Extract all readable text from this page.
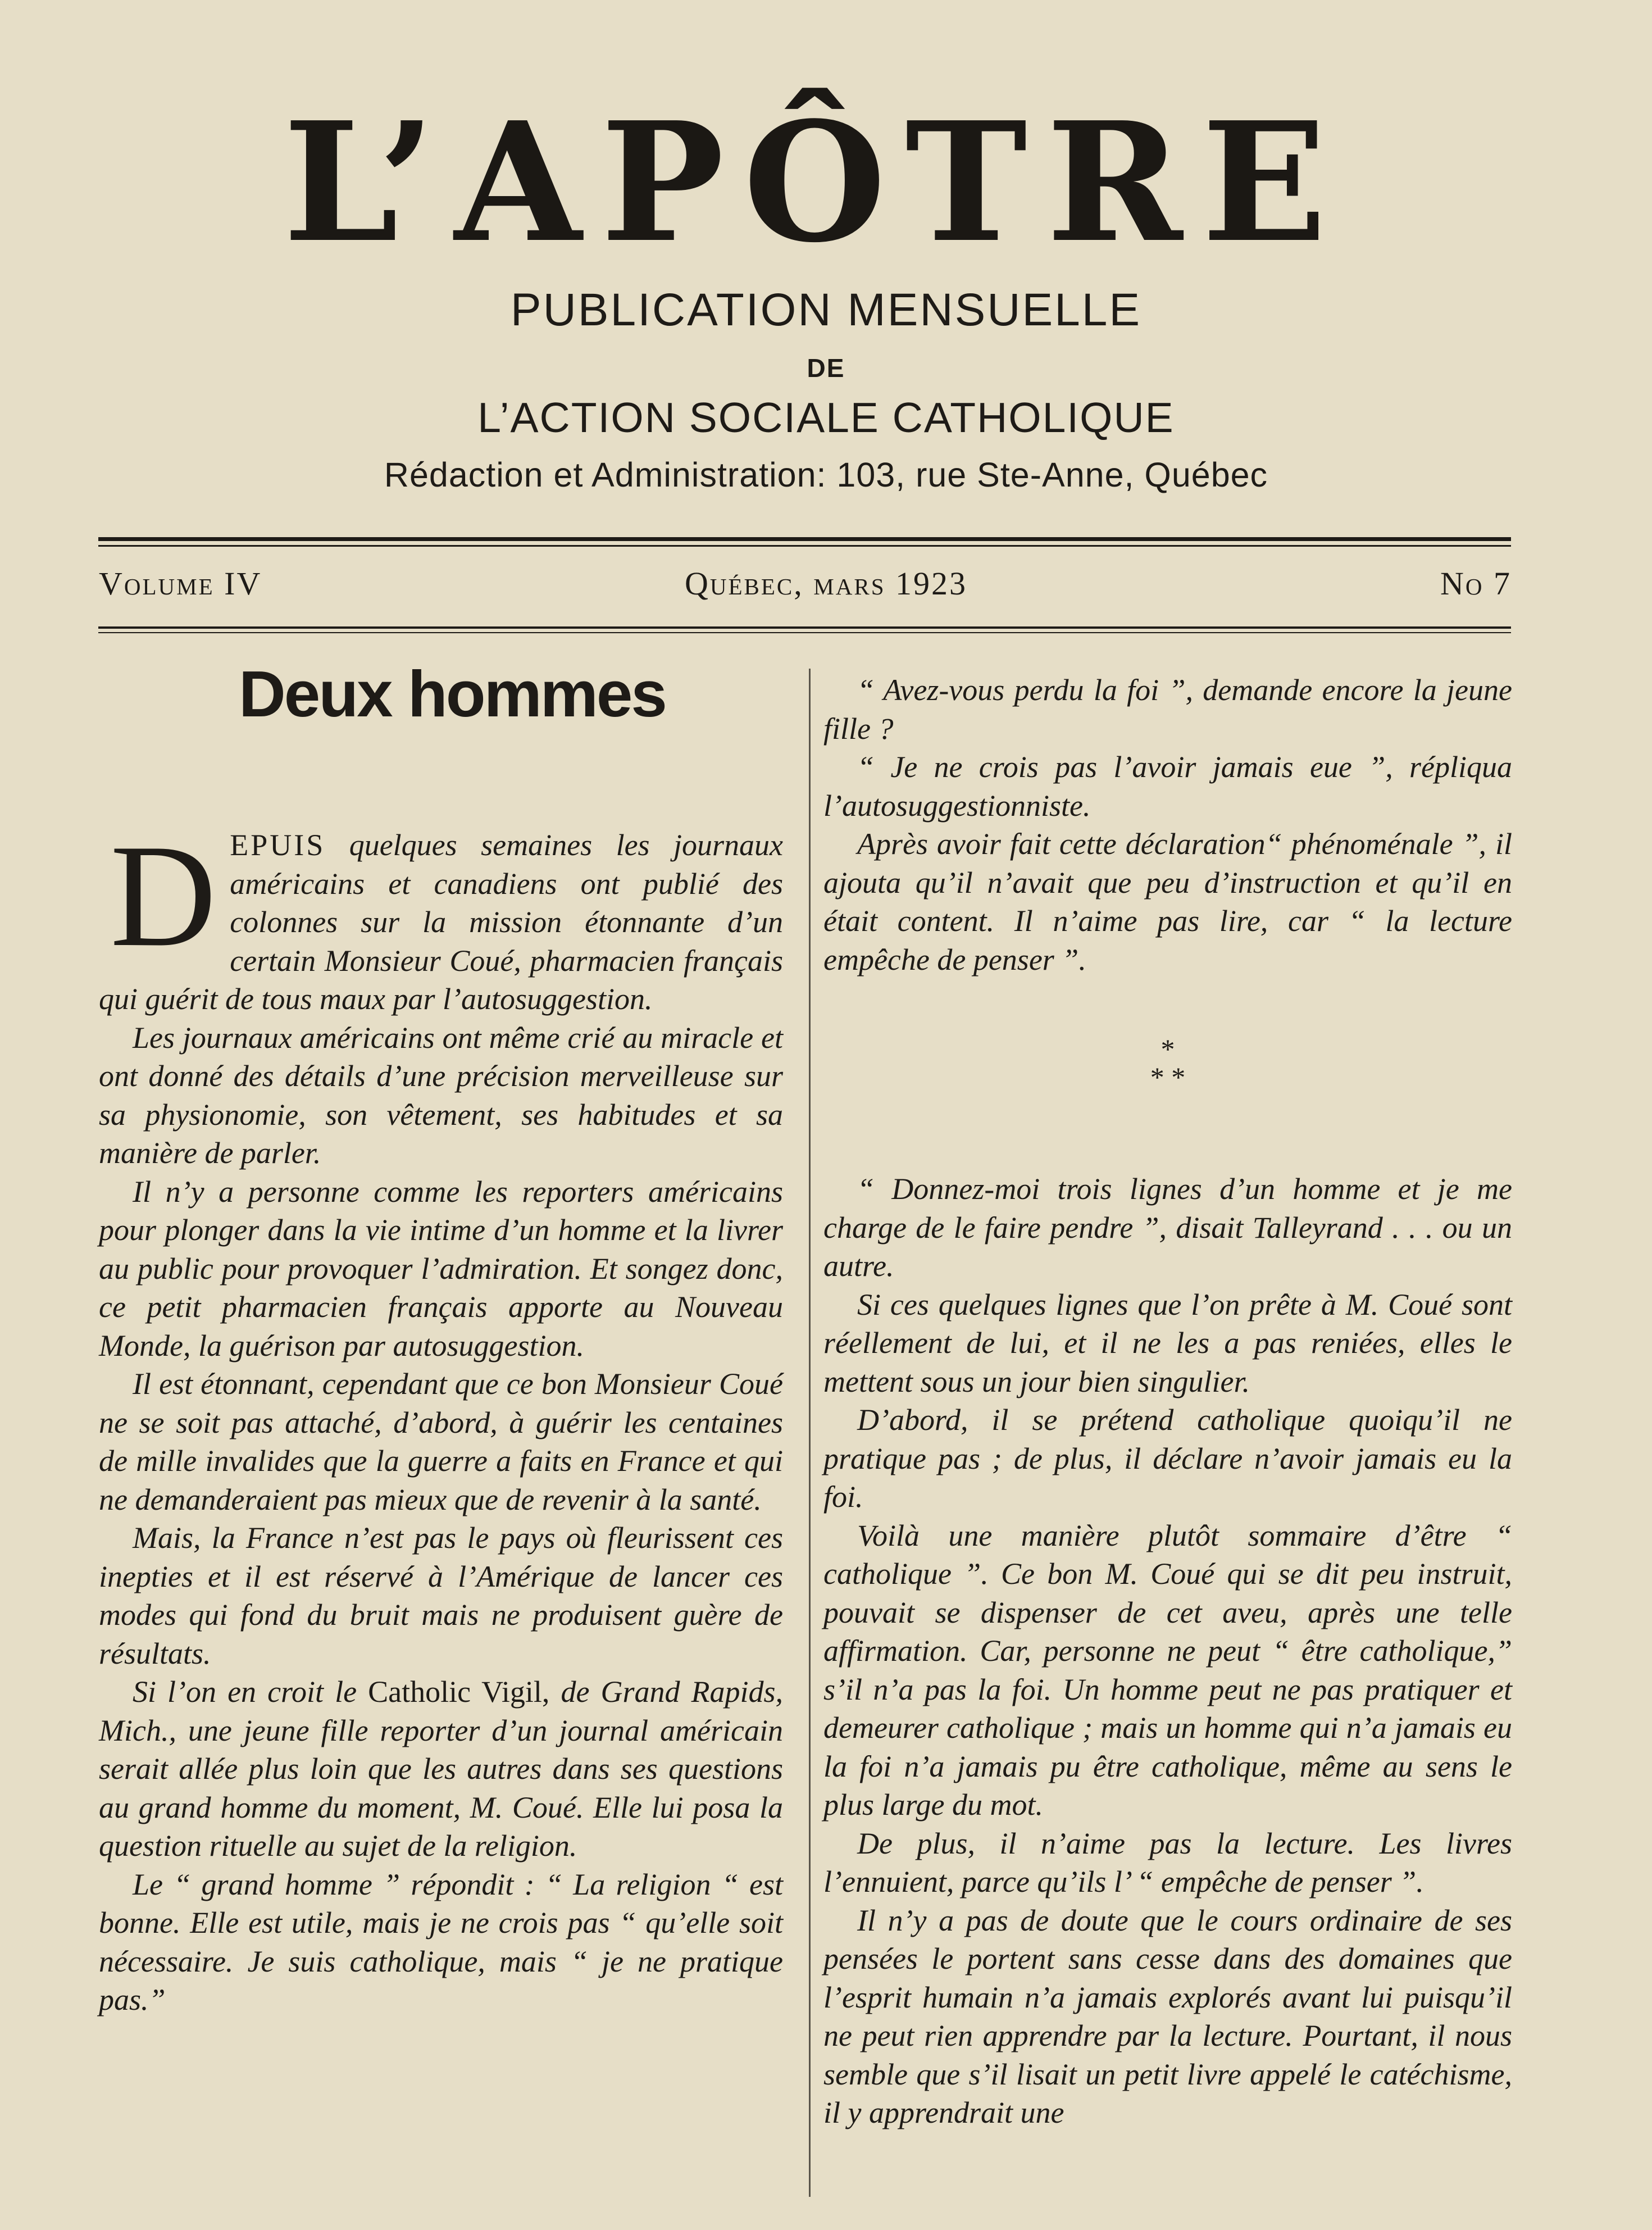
L’APÔTRE
PUBLICATION MENSUELLE
DE
L’ACTION SOCIALE CATHOLIQUE
Rédaction et Administration: 103, rue Ste-Anne, Québec
Volume IV	Québec, mars 1923	No 7
Deux hommes

DEPUIS quelques semaines les journaux américains et canadiens ont publié des colonnes sur la mission étonnante d’un certain Monsieur Coué, pharmacien français qui guérit de tous maux par l’autosuggestion.

Les journaux américains ont même crié au miracle et ont donné des détails d’une précision merveilleuse sur sa physionomie, son vêtement, ses habitudes et sa manière de parler.

Il n’y a personne comme les reporters américains pour plonger dans la vie intime d’un homme et la livrer au public pour provoquer l’admiration. Et songez donc, ce petit pharmacien français apporte au Nouveau Monde, la guérison par autosuggestion.

Il est étonnant, cependant que ce bon Monsieur Coué ne se soit pas attaché, d’abord, à guérir les centaines de mille invalides que la guerre a faits en France et qui ne demanderaient pas mieux que de revenir à la santé.

Mais, la France n’est pas le pays où fleurissent ces inepties et il est réservé à l’Amérique de lancer ces modes qui fond du bruit mais ne produisent guère de résultats.

Si l’on en croit le Catholic Vigil, de Grand Rapids, Mich., une jeune fille reporter d’un journal américain serait allée plus loin que les autres dans ses questions au grand homme du moment, M. Coué. Elle lui posa la question rituelle au sujet de la religion.

Le “ grand homme ” répondit : “ La religion “ est bonne. Elle est utile, mais je ne crois pas “ qu’elle soit nécessaire. Je suis catholique, mais “ je ne pratique pas.”

“ Avez-vous perdu la foi ”, demande encore la jeune fille ?

“ Je ne crois pas l’avoir jamais eue ”, répliqua l’autosuggestionniste.

Après avoir fait cette déclaration“ phénoménale ”, il ajouta qu’il n’avait que peu d’instruction et qu’il en était content. Il n’aime pas lire, car “ la lecture empêche de penser ”.

*
* *

“ Donnez-moi trois lignes d’un homme et je me charge de le faire pendre ”, disait Talleyrand . . . ou un autre.

Si ces quelques lignes que l’on prête à M. Coué sont réellement de lui, et il ne les a pas reniées, elles le mettent sous un jour bien singulier.

D’abord, il se prétend catholique quoiqu’il ne pratique pas ; de plus, il déclare n’avoir jamais eu la foi.

Voilà une manière plutôt sommaire d’être “ catholique ”. Ce bon M. Coué qui se dit peu instruit, pouvait se dispenser de cet aveu, après une telle affirmation. Car, personne ne peut “ être catholique,” s’il n’a pas la foi. Un homme peut ne pas pratiquer et demeurer catholique ; mais un homme qui n’a jamais eu la foi n’a jamais pu être catholique, même au sens le plus large du mot.

De plus, il n’aime pas la lecture. Les livres l’ennuient, parce qu’ils l’ “ empêche de penser ”.

Il n’y a pas de doute que le cours ordinaire de ses pensées le portent sans cesse dans des domaines que l’esprit humain n’a jamais explorés avant lui puisqu’il ne peut rien apprendre par la lecture. Pourtant, il nous semble que s’il lisait un petit livre appelé le catéchisme, il y apprendrait une
